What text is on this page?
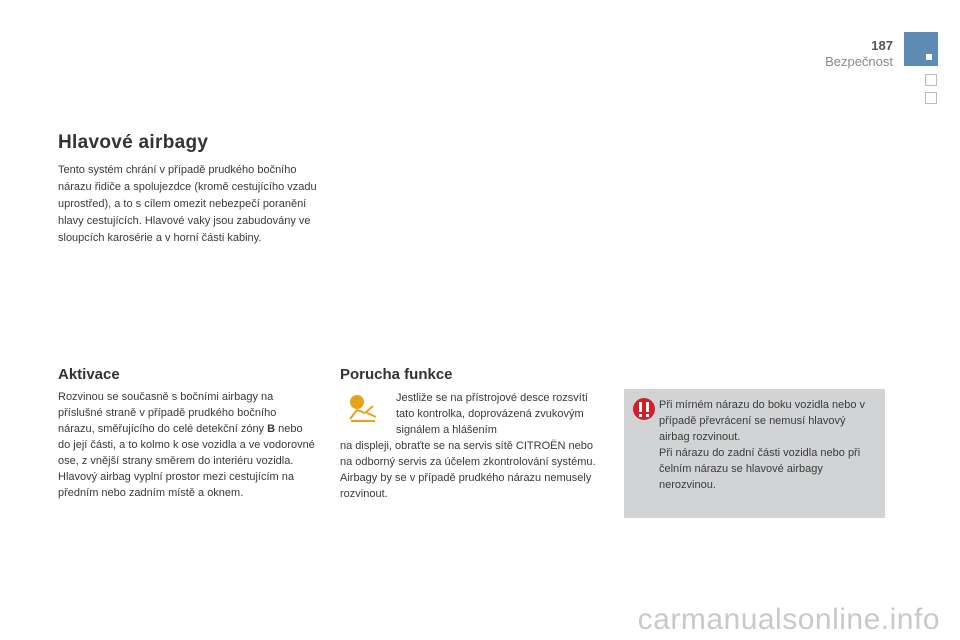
187
Bezpečnost
Hlavové airbagy
Tento systém chrání v případě prudkého bočního nárazu řidiče a spolujezdce (kromě cestujícího vzadu uprostřed), a to s cílem omezit nebezpečí poranění hlavy cestujících. Hlavové vaky jsou zabudovány ve sloupcích karosérie a v horní části kabiny.
Aktivace
Rozvinou se současně s bočními airbagy na příslušné straně v případě prudkého bočního nárazu, směřujícího do celé detekční zóny B nebo do její části, a to kolmo k ose vozidla a ve vodorovné ose, z vnější strany směrem do interiéru vozidla. Hlavový airbag vyplní prostor mezi cestujícím na předním nebo zadním místě a oknem.
Porucha funkce
Jestliže se na přístrojové desce rozsvítí tato kontrolka, doprovázená zvukovým signálem a hlášením
na displeji, obraťte se na servis sítě CITROËN nebo na odborný servis za účelem zkontrolování systému. Airbagy by se v případě prudkého nárazu nemusely rozvinout.
Při mírném nárazu do boku vozidla nebo v případě převrácení se nemusí hlavový airbag rozvinout.
Při nárazu do zadní části vozidla nebo při čelním nárazu se hlavové airbagy nerozvinou.
carmanualsonline.info
